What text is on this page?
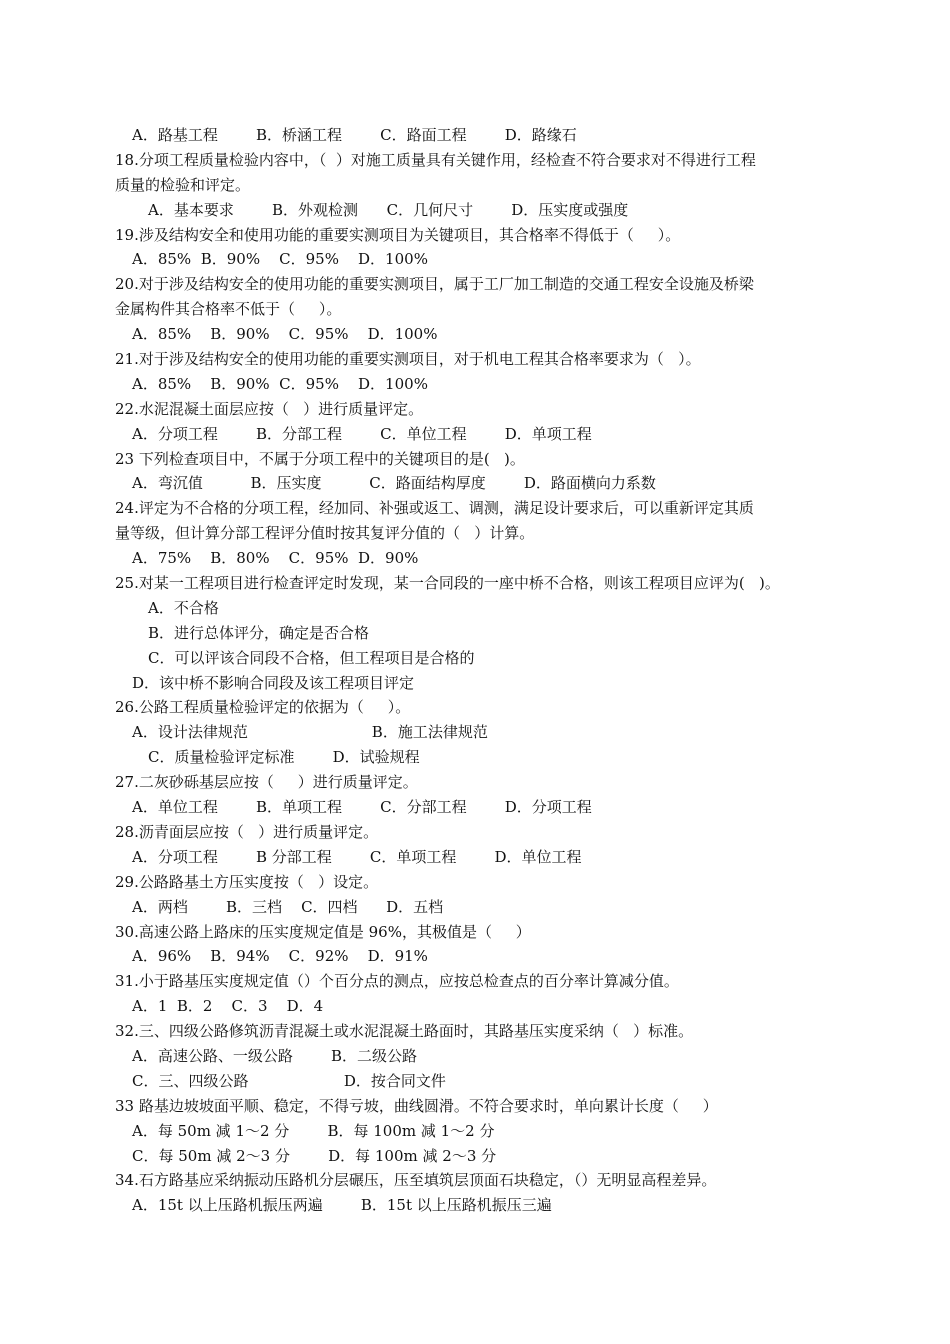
A．路基工程        B．桥涵工程        C．路面工程        D．路缘石
18.分项工程质量检验内容中，（  ）对施工质量具有关键作用，经检查不符合要求对不得进行工程
质量的检验和评定。
A．基本要求        B．外观检测      C．几何尺寸        D．压实度或强度
19.涉及结构安全和使用功能的重要实测项目为关键项目，其合格率不得低于（     ）。
A．85%  B．90%    C．95%    D．100%
20.对于涉及结构安全的使用功能的重要实测项目，属于工厂加工制造的交通工程安全设施及桥梁
金属构件其合格率不低于（     ）。
A．85%    B．90%    C．95%    D．100%
21.对于涉及结构安全的使用功能的重要实测项目，对于机电工程其合格率要求为（   ）。
A．85%    B．90%  C．95%    D．100%
22.水泥混凝土面层应按（   ）进行质量评定。
A．分项工程        B．分部工程        C．单位工程        D．单项工程
23 下列检查项目中，不属于分项工程中的关键项目的是(   )。
A．弯沉值          B．压实度          C．路面结构厚度        D．路面横向力系数
24.评定为不合格的分项工程，经加同、补强或返工、调测，满足设计要求后，可以重新评定其质
量等级，但计算分部工程评分值时按其复评分值的（   ）计算。
A．75%    B．80%    C．95%  D．90%
25.对某一工程项目进行检查评定时发现，某一合同段的一座中桥不合格，则该工程项目应评为(   )。
A．不合格
B．进行总体评分，确定是否合格
C．可以评该合同段不合格，但工程项目是合格的
D．该中桥不影响合同段及该工程项目评定
26.公路工程质量检验评定的依据为（     ）。
A．设计法律规范                          B．施工法律规范
C．质量检验评定标准        D．试验规程
27.二灰砂砾基层应按（     ）进行质量评定。
A．单位工程        B．单项工程        C．分部工程        D．分项工程
28.沥青面层应按（   ）进行质量评定。
A．分项工程        B 分部工程        C．单项工程        D．单位工程
29.公路路基土方压实度按（   ）设定。
A．两档        B．三档    C．四档      D．五档
30.高速公路上路床的压实度规定值是 96%，其极值是（     ）
A．96%    B．94%    C．92%    D．91%
31.小于路基压实度规定值（）个百分点的测点，应按总检查点的百分率计算减分值。
A．1  B．2    C．3    D．4
32.三、四级公路修筑沥青混凝土或水泥混凝土路面时，其路基压实度采纳（   ）标准。
A．高速公路、一级公路        B．二级公路
C．三、四级公路                    D．按合同文件
33 路基边坡坡面平顺、稳定，不得亏坡，曲线圆滑。不符合要求时，单向累计长度（     ）
A．每 50m 减 1～2 分        B．每 100m 减 1～2 分
C．每 50m 减 2～3 分        D．每 100m 减 2～3 分
34.石方路基应采纳振动压路机分层碾压，压至填筑层顶面石块稳定，（）无明显高程差异。
A．15t 以上压路机振压两遍        B．15t 以上压路机振压三遍
